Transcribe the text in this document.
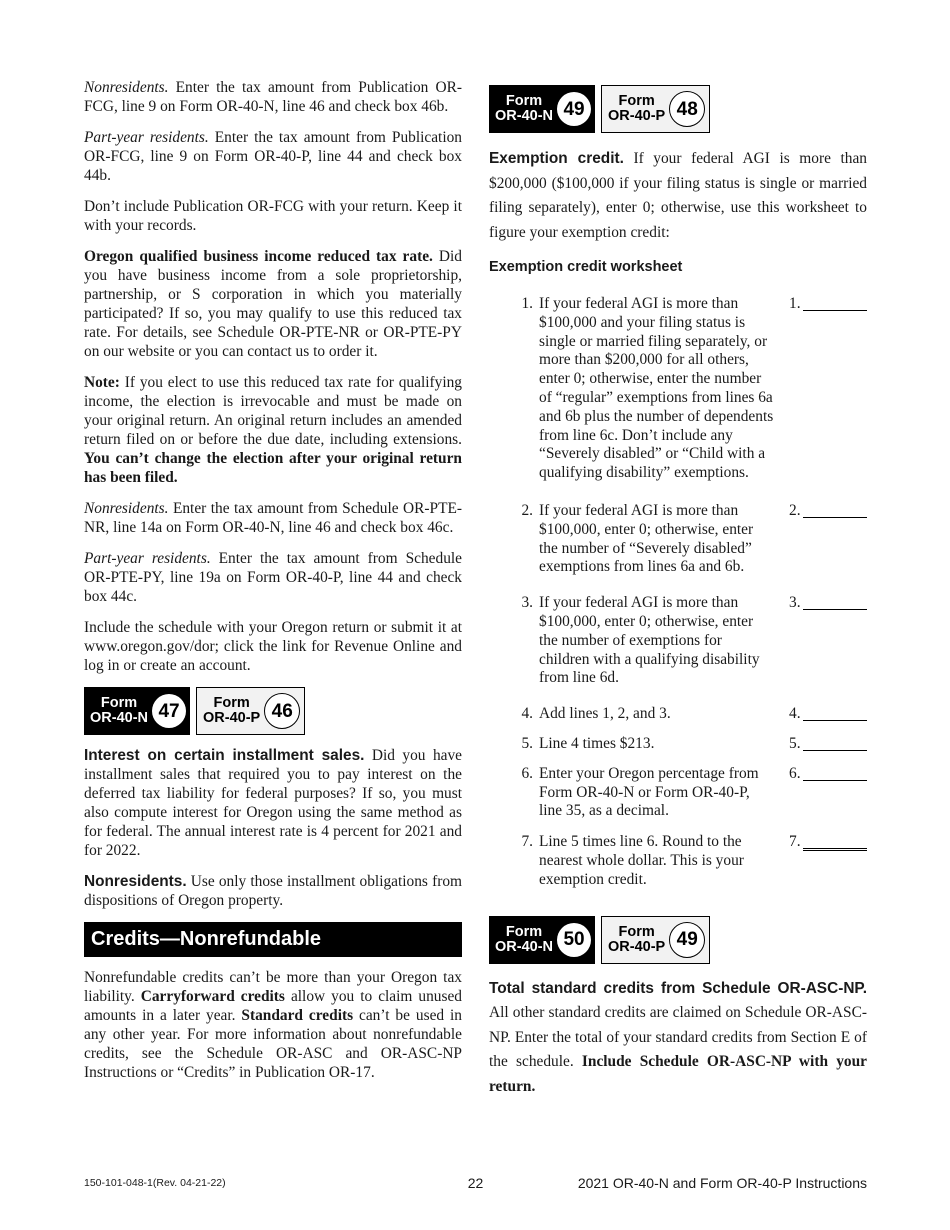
Nonresidents. Enter the tax amount from Publication OR-FCG, line 9 on Form OR-40-N, line 46 and check box 46b.

Part-year residents. Enter the tax amount from Publication OR-FCG, line 9 on Form OR-40-P, line 44 and check box 44b.

Don’t include Publication OR-FCG with your return. Keep it with your records.

Oregon qualified business income reduced tax rate. Did you have business income from a sole proprietorship, partnership, or S corporation in which you materially participated? If so, you may qualify to use this reduced tax rate. For details, see Schedule OR-PTE-NR or OR-PTE-PY on our website or you can contact us to order it.

Note: If you elect to use this reduced tax rate for qualifying income, the election is irrevocable and must be made on your original return. An original return includes an amended return filed on or before the due date, including extensions. You can’t change the election after your original return has been filed.

Nonresidents. Enter the tax amount from Schedule OR-PTE-NR, line 14a on Form OR-40-N, line 46 and check box 46c.

Part-year residents. Enter the tax amount from Schedule OR-PTE-PY, line 19a on Form OR-40-P, line 44 and check box 44c.

Include the schedule with your Oregon return or submit it at www.oregon.gov/dor; click the link for Revenue Online and log in or create an account.

Form
OR-40-N 47	Form
OR-40-P 46

Interest on certain installment sales. Did you have installment sales that required you to pay interest on the deferred tax liability for federal purposes? If so, you must also compute interest for Oregon using the same method as for federal. The annual interest rate is 4 percent for 2021 and for 2022.

Nonresidents. Use only those installment obligations from dispositions of Oregon property.

Credits—Nonrefundable

Nonrefundable credits can’t be more than your Oregon tax liability. Carryforward credits allow you to claim unused amounts in a later year. Standard credits can’t be used in any other year. For more information about nonrefundable credits, see the Schedule OR-ASC and OR-ASC-NP Instructions or “Credits” in Publication OR-17.

Form
OR-40-N 49	Form
OR-40-P 48

Exemption credit. If your federal AGI is more than $200,000 ($100,000 if your filing status is single or married filing separately), enter 0; otherwise, use this worksheet to figure your exemption credit:

Exemption credit worksheet
1. If your federal AGI is more than $100,000 and your filing status is single or married filing separately, or more than $200,000 for all others, enter 0; otherwise, enter the number of “regular” exemptions from lines 6a and 6b plus the number of dependents from line 6c. Don’t include any “Severely disabled” or “Child with a qualifying disability” exemptions.
1.
2. If your federal AGI is more than $100,000, enter 0; otherwise, enter the number of “Severely disabled” exemptions from lines 6a and 6b.
2.
3. If your federal AGI is more than $100,000, enter 0; otherwise, enter the number of exemptions for children with a qualifying disability from line 6d.
3.
4. Add lines 1, 2, and 3.	4.
5. Line 4 times $213.	5.
6. Enter your Oregon percentage from Form OR-40-N or Form OR-40-P, line 35, as a decimal.
6.
7. Line 5 times line 6. Round to the nearest whole dollar. This is your exemption credit.
7.
Form
OR-40-N 50	Form
OR-40-P 49

Total standard credits from Schedule OR-ASC-NP. All other standard credits are claimed on Schedule OR-ASC-NP. Enter the total of your standard credits from Section E of the schedule. Include Schedule OR-ASC-NP with your return.

150-101-048-1(Rev. 04-21-22)	22	2021 OR-40-N and Form OR-40-P Instructions
